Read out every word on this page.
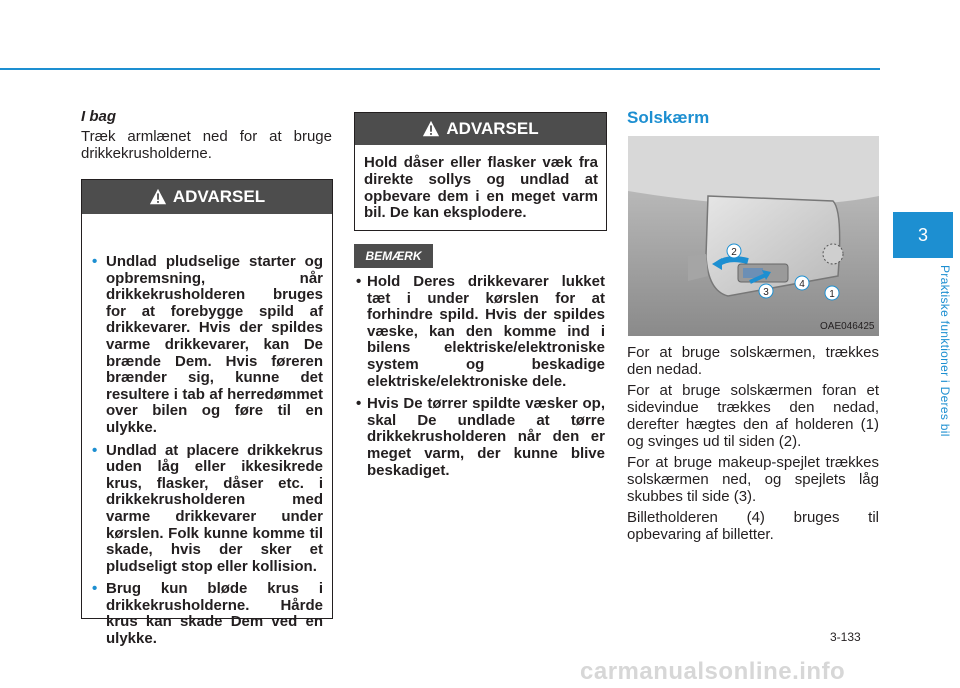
I bag
Træk armlænet ned for at bruge drikkekrusholderne.
ADVARSEL
• Undlad pludselige starter og opbremsning, når drikkekrusholderen bruges for at forebygge spild af drikkevarer. Hvis der spildes varme drikkevarer, kan De brænde Dem. Hvis føreren brænder sig, kunne det resultere i tab af herredømmet over bilen og føre til en ulykke.
• Undlad at placere drikkekrus uden låg eller ikkesikrede krus, flasker, dåser etc. i drikkekrusholderen med varme drikkevarer under kørslen. Folk kunne komme til skade, hvis der sker et pludseligt stop eller kollision.
• Brug kun bløde krus i drikkekrusholderne. Hårde krus kan skade Dem ved en ulykke.
ADVARSEL
Hold dåser eller flasker væk fra direkte sollys og undlad at opbevare dem i en meget varm bil. De kan eksplodere.
BEMÆRK
• Hold Deres drikkevarer lukket tæt i under kørslen for at forhindre spild. Hvis der spildes væske, kan den komme ind i bilens elektriske/elektroniske system og beskadige elektriske/elektroniske dele.
• Hvis De tørrer spildte væsker op, skal De undlade at tørre drikkekrusholderen når den er meget varm, der kunne blive beskadiget.
Solskærm
2
3
4
1
OAE046425

For at bruge solskærmen, trækkes den nedad.

For at bruge solskærmen foran et sidevindue trækkes den nedad, derefter hægtes den af holderen (1) og svinges ud til siden (2).

For at bruge makeup-spejlet trækkes solskærmen ned, og spejlets låg skubbes til side (3).

Billetholderen (4) bruges til opbevaring af billetter.

3
Praktiske funktioner i Deres bil
3-133
carmanualsonline.info
